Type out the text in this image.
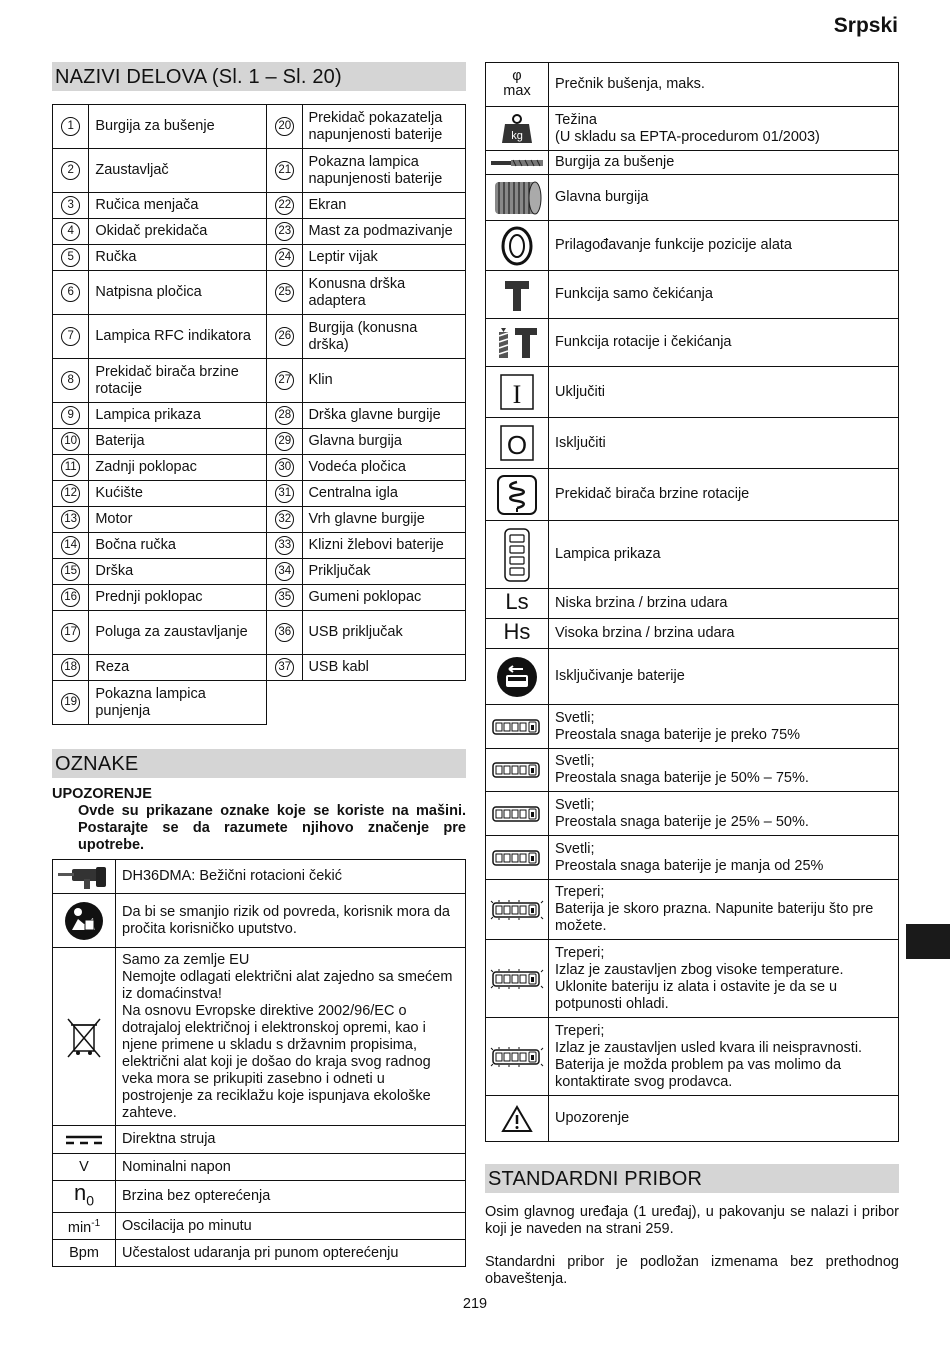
Srpski
NAZIVI DELOVA (Sl. 1 – Sl. 20)
1	Burgija za bušenje	20	Prekidač pokazatelja napunjenosti baterije
2	Zaustavljač	21	Pokazna lampica napunjenosti baterije
3	Ručica menjača	22	Ekran
4	Okidač prekidača	23	Mast za podmazivanje
5	Ručka	24	Leptir vijak
6	Natpisna pločica	25	Konusna drška adaptera
7	Lampica RFC indikatora	26	Burgija (konusna drška)
8	Prekidač birača brzine rotacije	27	Klin
9	Lampica prikaza	28	Drška glavne burgije
10	Baterija	29	Glavna burgija
11	Zadnji poklopac	30	Vodeća pločica
12	Kućište	31	Centralna igla
13	Motor	32	Vrh glavne burgije
14	Bočna ručka	33	Klizni žlebovi baterije
15	Drška	34	Priključak
16	Prednji poklopac	35	Gumeni poklopac
17	Poluga za zaustavljanje	36	USB priključak
18	Reza	37	USB kabl
19	Pokazna lampica punjenja		
OZNAKE
UPOZORENJE
Ovde su prikazane oznake koje se koriste na mašini. Postarajte se da razumete njihovo značenje pre upotrebe.
	DH36DMA: Bežični rotacioni čekić

	Da bi se smanjio rizik od povreda, korisnik mora da pročita korisničko uputstvo.

	Samo za zemlje EU
Nemojte odlagati električni alat zajedno sa smećem iz domaćinstva!
Na osnovu Evropske direktive 2002/96/EC o dotrajaloj električnoj i elektronskoj opremi, kao i njene primene u skladu s državnim propisima, električni alat koji je došao do kraja svog radnog veka mora se prikupiti zasebno i odneti u postrojenje za reciklažu koje ispunjava ekološke zahteve.

	Direktna struja
V	Nominalni napon
$n_0$	Brzina bez opterećenja
$\min^{-1}$	Oscilacija po minutu
Bpm	Učestalost udaranja pri punom opterećenju
φ
max	Prečnik bušenja, maks.

kg	Težina
(U skladu sa EPTA-procedurom 01/2003)

	Burgija za bušenje

	Glavna burgija

	Prilagođavanje funkcije pozicije alata

	Funkcija samo čekićanja

	Funkcija rotacije i čekićanja

I	Uključiti

O	Isključiti

	Prekidač birača brzine rotacije

	Lampica prikaza
Ls	Niska brzina / brzina udara
Hs	Visoka brzina / brzina udara

	Isključivanje baterije

	Svetli;
Preostala snaga baterije je preko 75%

	Svetli;
Preostala snaga baterije je 50% – 75%.

	Svetli;
Preostala snaga baterije je 25% – 50%.

	Svetli;
Preostala snaga baterije je manja od 25%

	Treperi;
Baterija je skoro prazna. Napunite bateriju što pre možete.

	Treperi;
Izlaz je zaustavljen zbog visoke temperature. Uklonite bateriju iz alata i ostavite je da se u potpunosti ohladi.

	Treperi;
Izlaz je zaustavljen usled kvara ili neispravnosti. Baterija je možda problem pa vas molimo da kontaktirate svog prodavca.

	Upozorenje
STANDARDNI PRIBOR
Osim glavnog uređaja (1 uređaj), u pakovanju se nalazi i pribor koji je naveden na strani 259.
Standardni pribor je podložan izmenama bez prethodnog obaveštenja.
219
